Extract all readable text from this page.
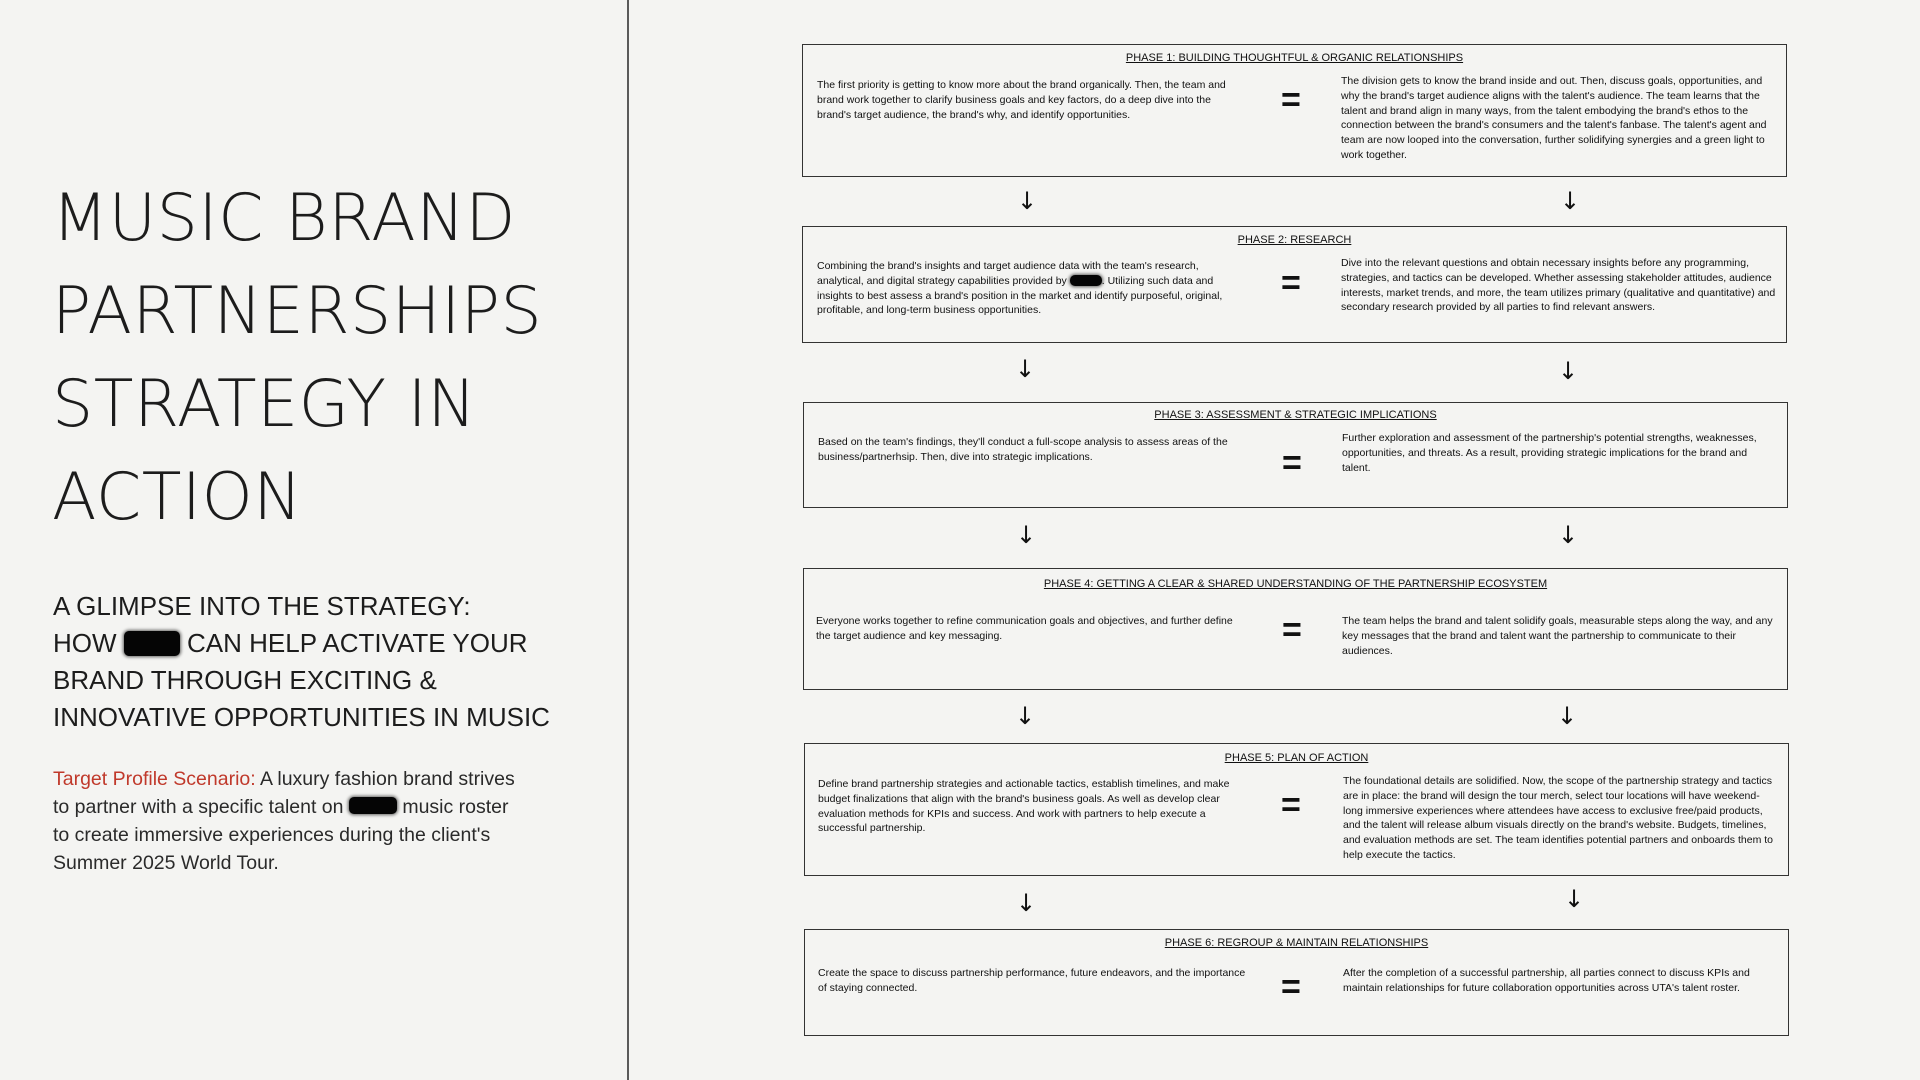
MUSIC BRAND
PARTNERSHIPS
STRATEGY IN
ACTION
A GLIMPSE INTO THE STRATEGY:
HOW	CAN HELP ACTIVATE YOUR
BRAND THROUGH EXCITING &
INNOVATIVE OPPORTUNITIES IN MUSIC
Target Profile Scenario: A luxury fashion brand strives
to partner with a specific talent on	music roster
to create immersive experiences during the client's
Summer 2025 World Tour.
PHASE 1: BUILDING THOUGHTFUL & ORGANIC RELATIONSHIPS
The first priority is getting to know more about the brand organically. Then, the team and brand work together to clarify business goals and key factors, do a deep dive into the brand's target audience, the brand's why, and identify opportunities.	=	The division gets to know the brand inside and out. Then, discuss goals, opportunities, and why the brand's target audience aligns with the talent's audience. The team learns that the talent and brand align in many ways, from the talent embodying the brand's ethos to the connection between the brand's consumers and the talent's fanbase. The talent's agent and team are now looped into the conversation, further solidifying synergies and a green light to work together.
↓	↓
PHASE 2: RESEARCH
Combining the brand's insights and target audience data with the team's research, analytical, and digital strategy capabilities provided by	. Utilizing such data and insights to best assess a brand's position in the market and identify purposeful, original, profitable, and long-term business opportunities.
=
Dive into the relevant questions and obtain necessary insights before any programming, strategies, and tactics can be developed. Whether assessing stakeholder attitudes, audience interests, market trends, and more, the team utilizes primary (qualitative and quantitative) and secondary research provided by all parties to find relevant answers.
↓	↓
PHASE 3: ASSESSMENT & STRATEGIC IMPLICATIONS
Based on the team's findings, they'll conduct a full-scope analysis to assess areas of the business/partnerhsip. Then, dive into strategic implications.	=
Further exploration and assessment of the partnership's potential strengths, weaknesses, opportunities, and threats. As a result, providing strategic implications for the brand and talent.
↓	↓
PHASE 4: GETTING A CLEAR & SHARED UNDERSTANDING OF THE PARTNERSHIP ECOSYSTEM
Everyone works together to refine communication goals and objectives, and further define the target audience and key messaging.	=	The team helps the brand and talent solidify goals, measurable steps along the way, and any key messages that the brand and talent want the partnership to communicate to their audiences.
↓	↓
PHASE 5: PLAN OF ACTION
Define brand partnership strategies and actionable tactics, establish timelines, and make budget finalizations that align with the brand's business goals. As well as develop clear evaluation methods for KPIs and success. And work with partners to help execute a successful partnership.
=
The foundational details are solidified. Now, the scope of the partnership strategy and tactics are in place: the brand will design the tour merch, select tour locations will have weekend-long immersive experiences where attendees have access to exclusive free/paid products, and the talent will release album visuals directly on the brand's website. Budgets, timelines, and evaluation methods are set. The team identifies potential partners and onboards them to help execute the tactics.
↓	↓
PHASE 6: REGROUP & MAINTAIN RELATIONSHIPS
Create the space to discuss partnership performance, future endeavors, and the importance of staying connected.	=	After the completion of a successful partnership, all parties connect to discuss KPIs and maintain relationships for future collaboration opportunities across UTA's talent roster.
